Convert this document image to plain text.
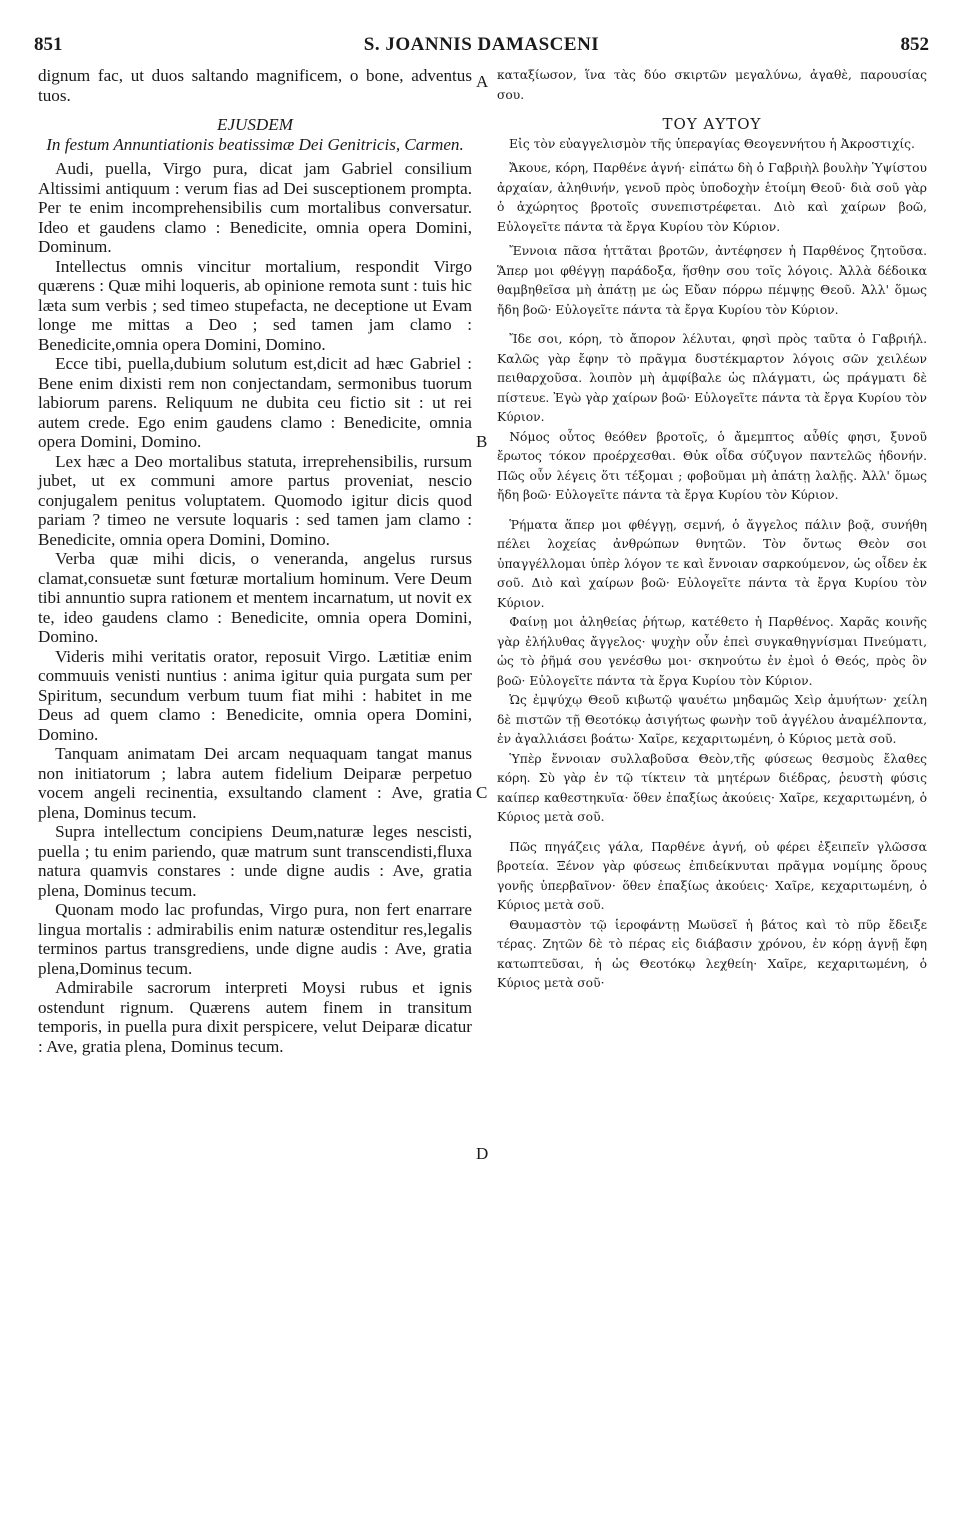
851	S. JOANNIS DAMASCENI	852

dignum fac, ut duos saltando magnificem, o bone, adventus tuos.

EJUSDEM

In festum Annuntiationis beatissimæ Dei Genitricis, Carmen.

Audi, puella, Virgo pura, dicat jam Gabriel consilium Altissimi antiquum : verum fias ad Dei susceptionem prompta. Per te enim incomprehensibilis cum mortalibus conversatur. Ideo et gaudens clamo : Benedicite, omnia opera Domini, Dominum.

Intellectus omnis vincitur mortalium, respondit Virgo quærens : Quæ mihi loqueris, ab opinione remota sunt : tuis hic læta sum verbis ; sed timeo stupefacta, ne deceptione ut Evam longe me mittas a Deo ; sed tamen jam clamo : Benedicite,omnia opera Domini, Domino.

Ecce tibi, puella,dubium solutum est,dicit ad hæc Gabriel : Bene enim dixisti rem non conjectandam, sermonibus tuorum labiorum parens. Reliquum ne dubita ceu fictio sit : ut rei autem crede. Ego enim gaudens clamo : Benedicite, omnia opera Domini, Domino.

Lex hæc a Deo mortalibus statuta, irreprehensibilis, rursum jubet, ut ex communi amore partus proveniat, nescio conjugalem penitus voluptatem. Quomodo igitur dicis quod pariam ? timeo ne versute loquaris : sed tamen jam clamo : Benedicite, omnia opera Domini, Domino.

Verba quæ mihi dicis, o veneranda, angelus rursus clamat,consuetæ sunt fœturæ mortalium hominum. Vere Deum tibi annuntio supra rationem et mentem incarnatum, ut novit ex te, ideo gaudens clamo : Benedicite, omnia opera Domini, Domino.

Videris mihi veritatis orator, reposuit Virgo. Lætitiæ enim commuuis venisti nuntius : anima igitur quia purgata sum per Spiritum, secundum verbum tuum fiat mihi : habitet in me Deus ad quem clamo : Benedicite, omnia opera Domini, Domino.

Tanquam animatam Dei arcam nequaquam tangat manus non initiatorum ; labra autem fidelium Deiparæ perpetuo vocem angeli recinentia, exsultando clament : Ave, gratia plena, Dominus tecum.

Supra intellectum concipiens Deum,naturæ leges nescisti, puella ; tu enim pariendo, quæ matrum sunt transcendisti,fluxa natura quamvis constares : unde digne audis : Ave, gratia plena, Dominus tecum.

Quonam modo lac profundas, Virgo pura, non fert enarrare lingua mortalis : admirabilis enim naturæ ostenditur res,legalis terminos partus transgrediens, unde digne audis : Ave, gratia plena,Dominus tecum.

Admirabile sacrorum interpreti Moysi rubus et ignis ostendunt rignum. Quærens autem finem in transitum temporis, in puella pura dixit perspicere, velut Deiparæ dicatur : Ave, gratia plena, Dominus tecum.

A
B
C
D

καταξίωσον, ἵνα τὰς δύο σκιρτῶν μεγαλύνω, ἀγαθὲ, παρουσίας σου.

ΤΟΥ ΑΥΤΟΥ

Εἰς τὸν εὐαγγελισμὸν τῆς ὑπεραγίας Θεογεννήτου ἡ Ἀκροστιχίς.

Ἄκουε, κόρη, Παρθένε ἁγνή· εἰπάτω δὴ ὁ Γαβριὴλ βουλὴν Ὑψίστου ἀρχαίαν, ἀληθινήν, γενοῦ πρὸς ὑποδοχὴν ἑτοίμη Θεοῦ· διὰ σοῦ γὰρ ὁ ἀχώρητος βροτοῖς συνεπιστρέφεται. Διὸ καὶ χαίρων βοῶ, Εὐλογεῖτε πάντα τὰ ἔργα Κυρίου τὸν Κύριον.

Ἔννοια πᾶσα ἡττᾶται βροτῶν, ἀντέφησεν ἡ Παρθένος ζητοῦσα. Ἅπερ μοι φθέγγῃ παράδοξα, ἥσθην σου τοῖς λόγοις. Ἀλλὰ δέδοικα θαμβηθεῖσα μὴ ἀπάτῃ με ὡς Εὔαν πόρρω πέμψῃς Θεοῦ. Ἀλλ' ὅμως ἤδη βοῶ· Εὐλογεῖτε πάντα τὰ ἔργα Κυρίου τὸν Κύριον.

Ἴδε σοι, κόρη, τὸ ἄπορον λέλυται, φησὶ πρὸς ταῦτα ὁ Γαβριήλ. Καλῶς γὰρ ἔφην τὸ πρᾶγμα δυστέκμαρτον λόγοις σῶν χειλέων πειθαρχοῦσα. λοιπὸν μὴ ἀμφίβαλε ὡς πλάγματι, ὡς πράγματι δὲ πίστευε. Ἐγὼ γὰρ χαίρων βοῶ· Εὐλογεῖτε πάντα τὰ ἔργα Κυρίου τὸν Κύριον.

Νόμος οὗτος θεόθεν βροτοῖς, ὁ ἄμεμπτος αὖθίς φησι, ξυνοῦ ἔρωτος τόκον προέρχεσθαι. Θὐκ οἶδα σύζυγον παντελῶς ἡδονήν. Πῶς οὖν λέγεις ὅτι τέξομαι ; φοβοῦμαι μὴ ἀπάτῃ λαλῇς. Ἀλλ' ὅμως ἤδη βοῶ· Εὐλογεῖτε πάντα τὰ ἔργα Κυρίου τὸν Κύριον.

Ῥήματα ἅπερ μοι φθέγγῃ, σεμνή, ὁ ἄγγελος πάλιν βοᾷ, συνήθη πέλει λοχείας ἀνθρώπων θνητῶν. Τὸν ὄντως Θεὸν σοι ὑπαγγέλλομαι ὑπὲρ λόγον τε καὶ ἔννοιαν σαρκούμενον, ὡς οἶδεν ἐκ σοῦ. Διὸ καὶ χαίρων βοῶ· Εὐλογεῖτε πάντα τὰ ἔργα Κυρίου τὸν Κύριον.

Φαίνῃ μοι ἀληθείας ῥήτωρ, κατέθετο ἡ Παρθένος. Χαρᾶς κοινῆς γὰρ ἐλήλυθας ἄγγελος· ψυχὴν οὖν ἐπεὶ συγκαθηγνίσμαι Πνεύματι, ὡς τὸ ῥῆμά σου γενέσθω μοι· σκηνούτω ἐν ἐμοὶ ὁ Θεός, πρὸς ὃν βοῶ· Εὐλογεῖτε πάντα τὰ ἔργα Κυρίου τὸν Κύριον.

Ὡς ἐμψύχῳ Θεοῦ κιβωτῷ ψαυέτω μηδαμῶς Χεὶρ ἀμυήτων· χείλη δὲ πιστῶν τῇ Θεοτόκῳ ἀσιγήτως φωνὴν τοῦ ἀγγέλου ἀναμέλποντα, ἐν ἀγαλλιάσει βοάτω· Χαῖρε, κεχαριτωμένη, ὁ Κύριος μετὰ σοῦ.

Ὑπὲρ ἔννοιαν συλλαβοῦσα Θεὸν,τῆς φύσεως θεσμοὺς ἔλαθες κόρη. Σὺ γὰρ ἐν τῷ τίκτειν τὰ μητέρων διέδρας, ῥευστὴ φύσις καίπερ καθεστηκυῖα· ὅθεν ἐπαξίως ἀκούεις· Χαῖρε, κεχαριτωμένη, ὁ Κύριος μετὰ σοῦ.

Πῶς πηγάζεις γάλα, Παρθένε ἁγνή, οὐ φέρει ἐξειπεῖν γλῶσσα βροτεία. Ξένον γὰρ φύσεως ἐπιδείκνυται πρᾶγμα νομίμης ὅρους γονῆς ὑπερβαῖνον· ὅθεν ἐπαξίως ἀκούεις· Χαῖρε, κεχαριτωμένη, ὁ Κύριος μετὰ σοῦ.

Θαυμαστὸν τῷ ἱεροφάντῃ Μωϋσεῖ ἡ βάτος καὶ τὸ πῦρ ἔδειξε τέρας. Ζητῶν δὲ τὸ πέρας εἰς διάβασιν χρόνου, ἐν κόρῃ ἁγνῇ ἔφη κατωπτεῦσαι, ἡ ὡς Θεοτόκῳ λεχθείη· Χαῖρε, κεχαριτωμένη, ὁ Κύριος μετὰ σοῦ·
